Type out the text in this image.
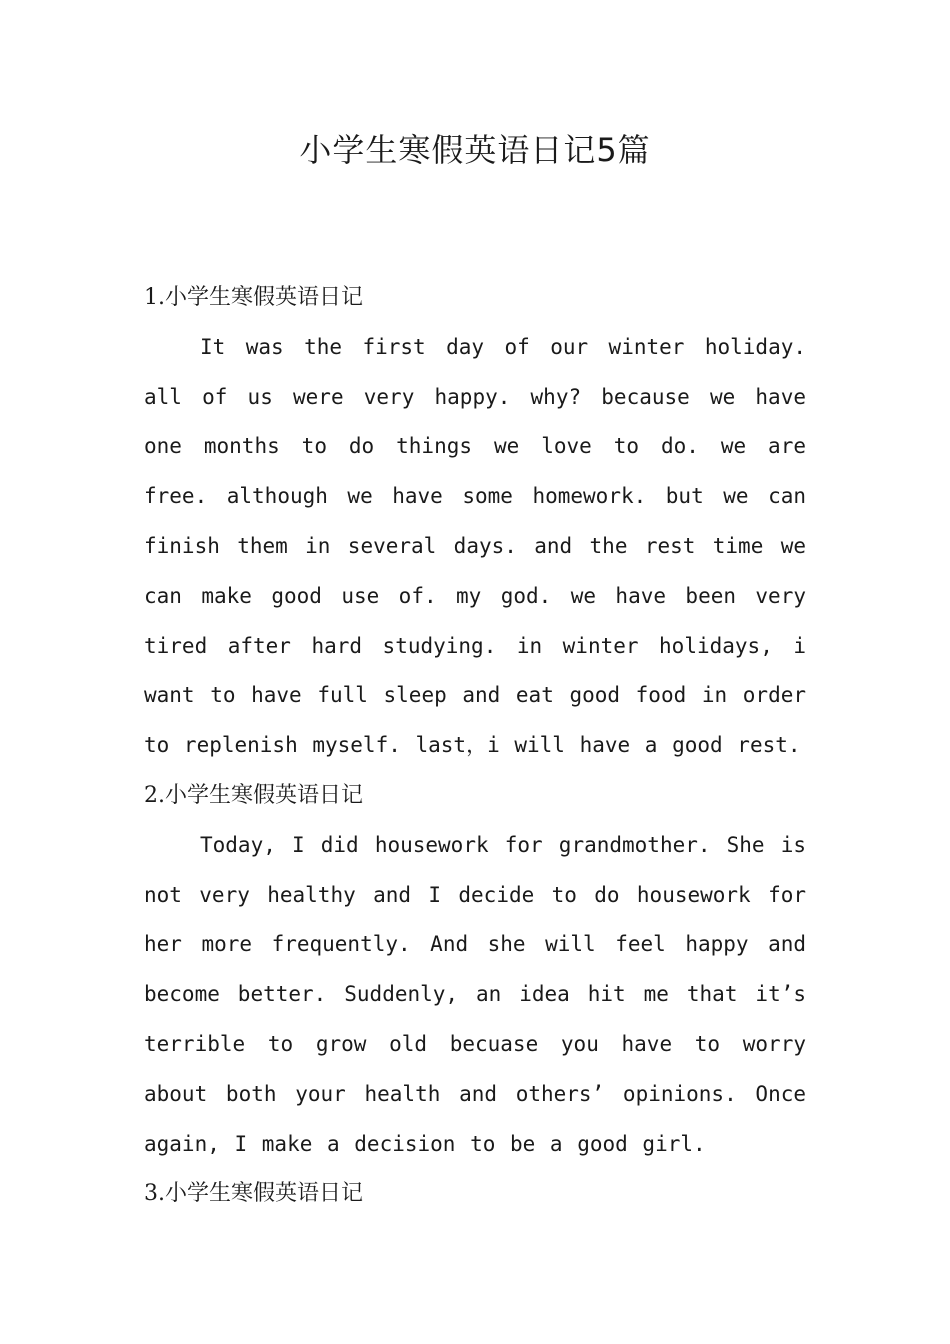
小学生寒假英语日记5篇
1.小学生寒假英语日记

It was the first day of our winter holiday. all of us were very happy. why? because we have one months to do things we love to do. we are free. although we have some homework. but we can finish them in several days. and the rest time we can make good use of. my god. we have been very tired after hard studying. in winter holidays, i want to have full sleep and eat good food in order to replenish myself. last，i will have a good rest.

2.小学生寒假英语日记

Today, I did housework for grandmother. She is not very healthy and I decide to do housework for her more frequently. And she will feel happy and become better. Suddenly, an idea hit me that it’s terrible to grow old becuase you have to worry about both your health and others’ opinions. Once again, I make a decision to be a good girl.

3.小学生寒假英语日记
